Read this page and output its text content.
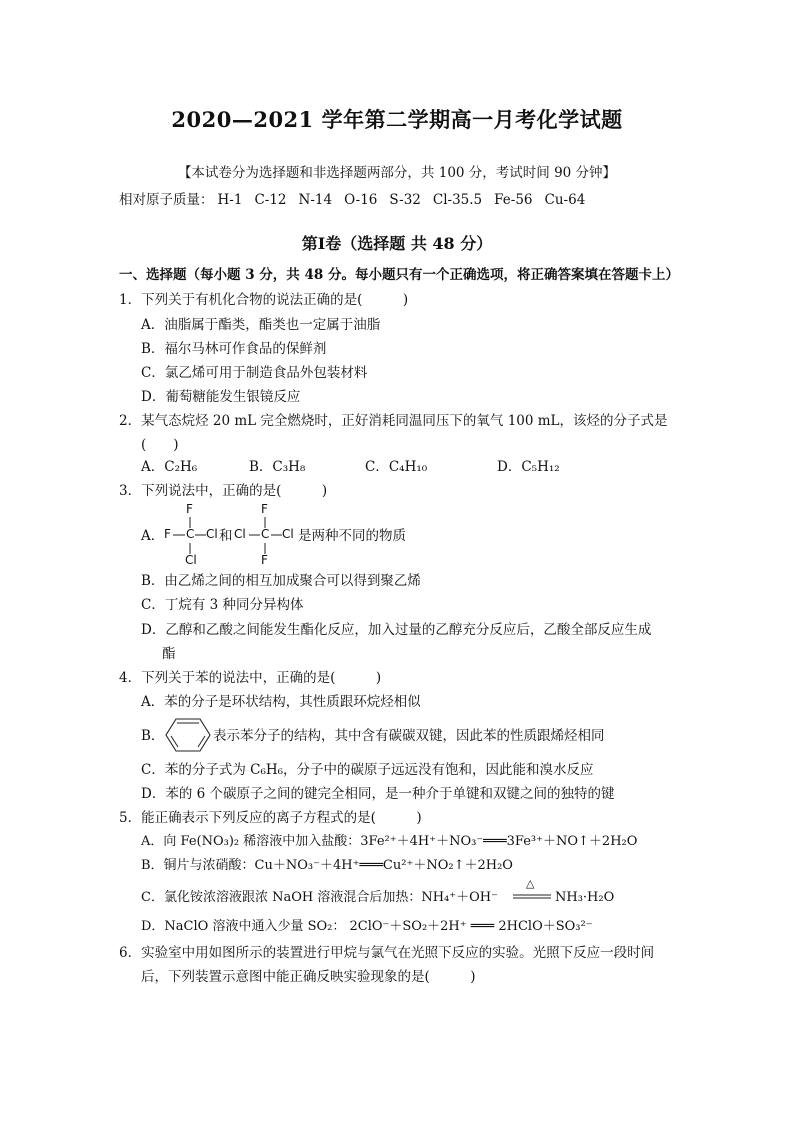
2020—2021 学年第二学期高一月考化学试题
【本试卷分为选择题和非选择题两部分，共 100 分，考试时间 90 分钟】
相对原子质量： H-1 C-12 N-14 O-16 S-32 Cl-35.5 Fe-56 Cu-64
第Ⅰ卷（选择题 共 48 分）
一、选择题（每小题 3 分，共 48 分。每小题只有一个正确选项，将正确答案填在答题卡上）
1．下列关于有机化合物的说法正确的是(　　　)
A．油脂属于酯类，酯类也一定属于油脂
B．福尔马林可作食品的保鲜剂
C．氯乙烯可用于制造食品外包装材料
D．葡萄糖能发生银镜反应
2．某气态烷烃 20 mL 完全燃烧时，正好消耗同温同压下的氧气 100 mL，该烃的分子式是
(　　)
A．C₂H₆	B．C₃H₈	C．C₄H₁₀	D．C₅H₁₂
3．下列说法中，正确的是(　　　)
A．
F
F C Cl
Cl
和 Cl
F
C Cl
F
是两种不同的物质
B．由乙烯之间的相互加成聚合可以得到聚乙烯
C．丁烷有 3 种同分异构体
D．乙醇和乙酸之间能发生酯化反应，加入过量的乙醇充分反应后，乙酸全部反应生成
酯
4．下列关于苯的说法中，正确的是(　　　)
A．苯的分子是环状结构，其性质跟环烷烃相似
B．	表示苯分子的结构，其中含有碳碳双键，因此苯的性质跟烯烃相同
C．苯的分子式为 C₆H₆，分子中的碳原子远远没有饱和，因此能和溴水反应
D．苯的 6 个碳原子之间的键完全相同，是一种介于单键和双键之间的独特的键
5．能正确表示下列反应的离子方程式的是(　　　)
A．向 Fe(NO₃)₂ 稀溶液中加入盐酸：3Fe²⁺＋4H⁺＋NO₃⁻═══3Fe³⁺＋NO↑＋2H₂O
B．铜片与浓硝酸：Cu＋NO₃⁻＋4H⁺═══Cu²⁺＋NO₂↑＋2H₂O
C．氯化铵浓溶液跟浓 NaOH 溶液混合后加热：NH₄⁺＋OH⁻
△
NH₃·H₂O
D．NaClO 溶液中通入少量 SO₂： 2ClO⁻＋SO₂＋2H⁺ ═══ 2HClO＋SO₃²⁻
6．实验室中用如图所示的装置进行甲烷与氯气在光照下反应的实验。光照下反应一段时间
后，下列装置示意图中能正确反映实验现象的是(　　　)
